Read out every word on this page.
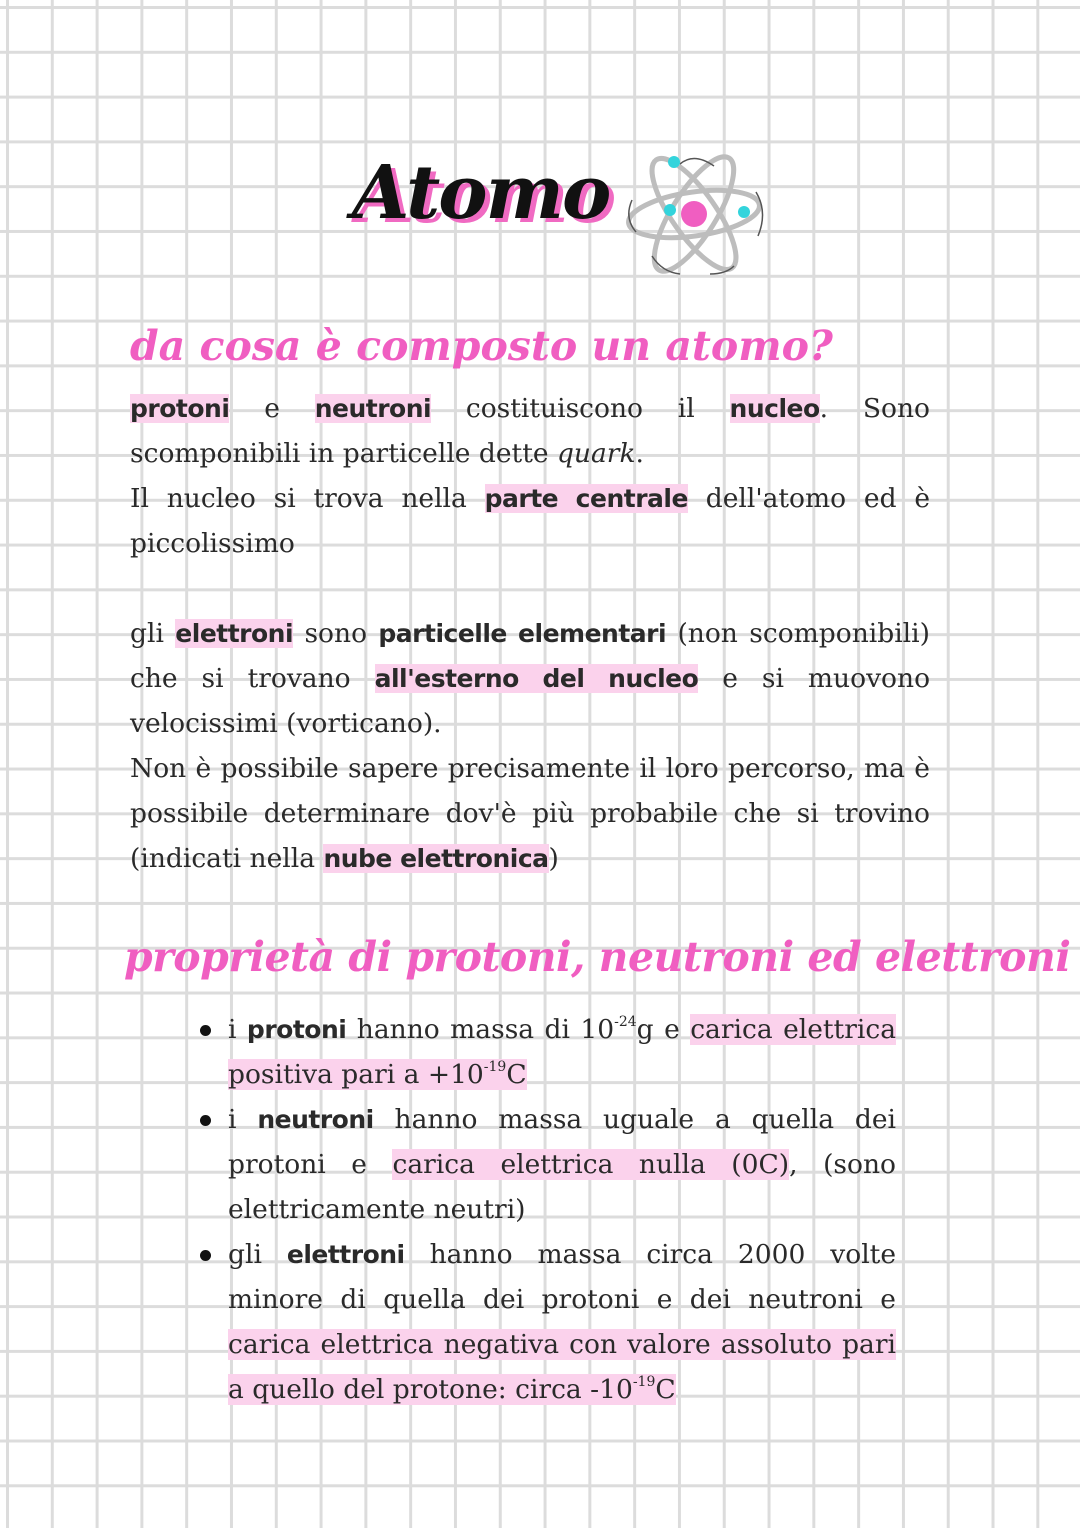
Atomo
da cosa è composto un atomo?

protoni e neutroni costituiscono il nucleo. Sono scomponibili in particelle dette quark.
Il nucleo si trova nella parte centrale dell'atomo ed è piccolissimo

gli elettroni sono particelle elementari (non scomponibili) che si trovano all'esterno del nucleo e si muovono velocissimi (vorticano).

Non è possibile sapere precisamente il loro percorso, ma è possibile determinare dov'è più probabile che si trovino (indicati nella nube elettronica)

proprietà di protoni, neutroni ed elettroni
i protoni hanno massa di $10^{-24}g$ e carica elettrica positiva pari $a +10^{-19}C$
i neutroni hanno massa uguale a quella dei protoni e carica elettrica nulla (0C), (sono elettricamente neutri)
gli elettroni hanno massa circa 2000 volte minore di quella dei protoni e dei neutroni e carica elettrica negativa con valore assoluto pari a quello del protone: circa $-10^{-19}C$
